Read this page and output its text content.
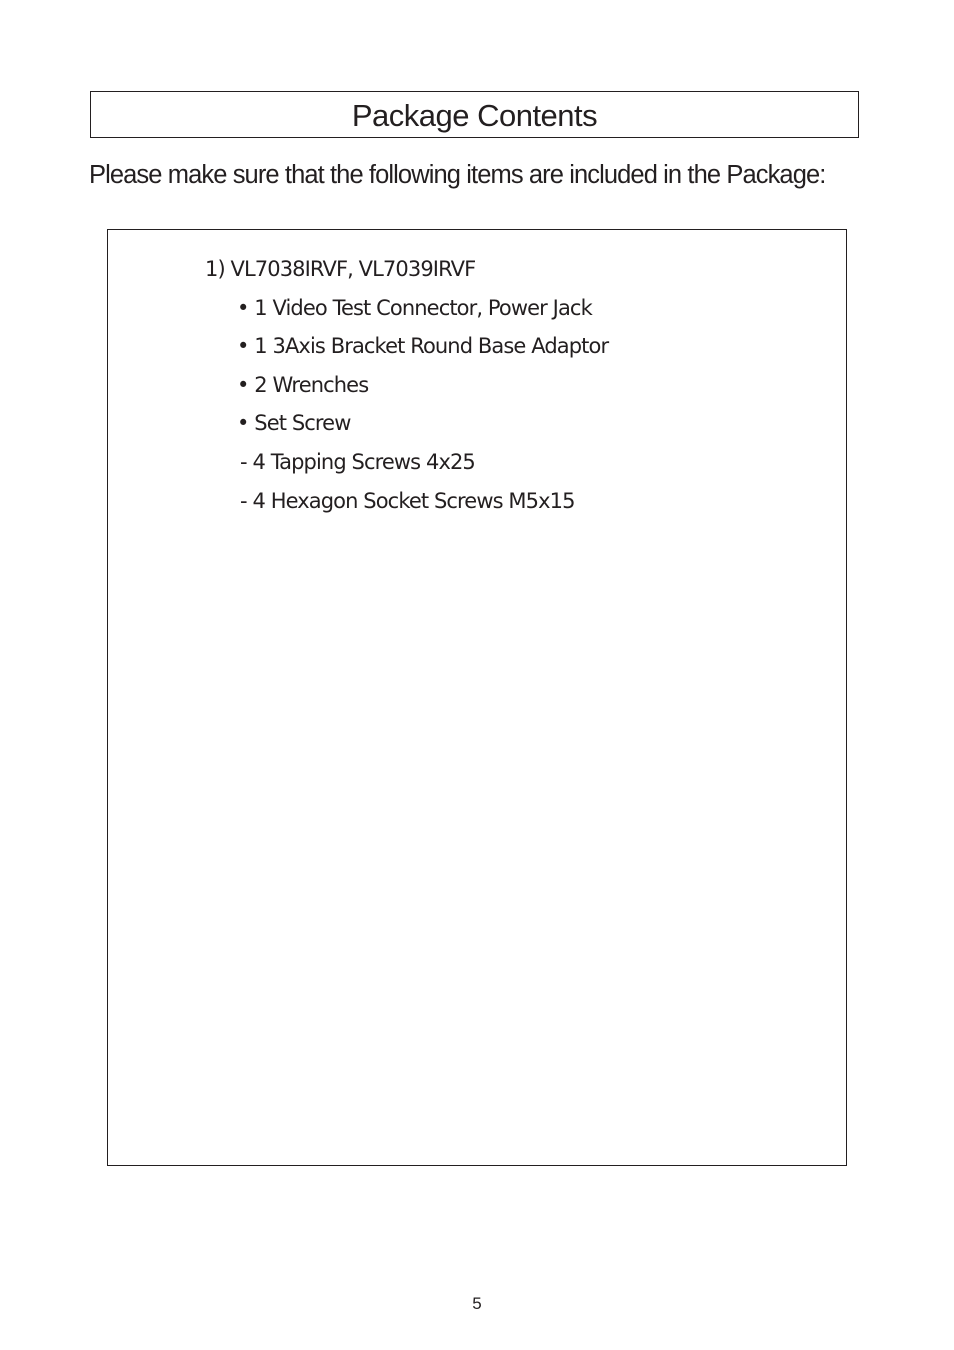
Package Contents
Please make sure that the following items are included in the Package:
1) VL7038IRVF, VL7039IRVF
• 1 Video Test Connector, Power Jack
• 1 3Axis Bracket Round Base Adaptor
• 2 Wrenches
• Set Screw
- 4 Tapping Screws 4x25
- 4 Hexagon Socket Screws M5x15
5
